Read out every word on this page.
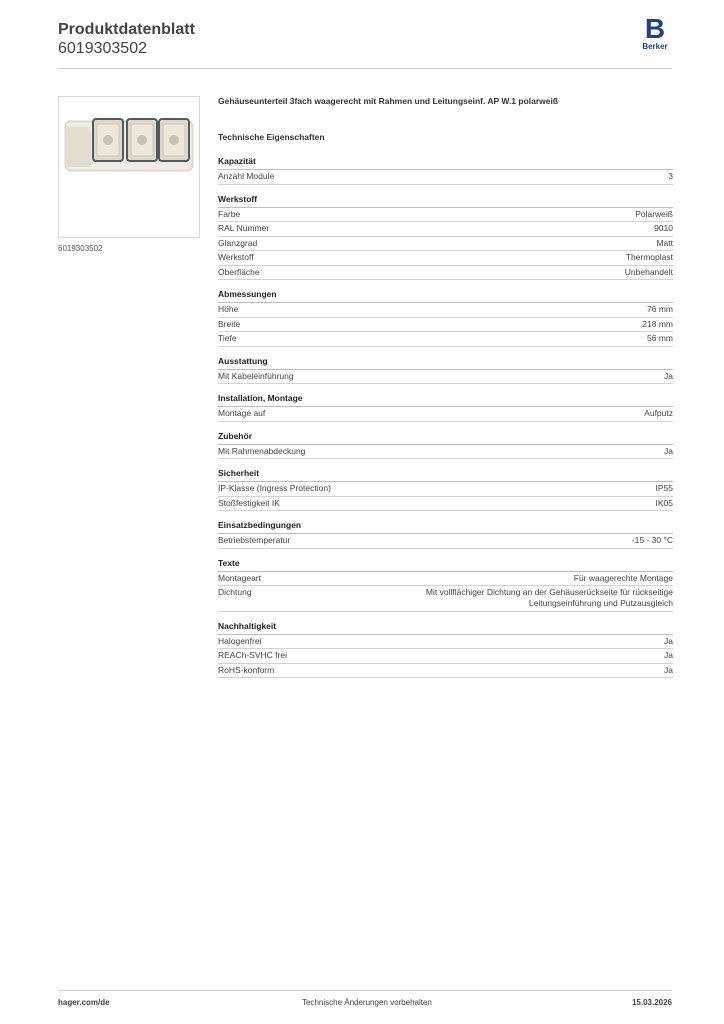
Produktdatenblatt
6019303502
B
Berker
6019303502
Gehäuseunterteil 3fach waagerecht mit Rahmen und Leitungseinf. AP W.1 polarweiß
Technische Eigenschaften
Kapazität
Anzahl Module	3
Werkstoff
Farbe	Polarweiß
RAL Nummer	9010
Glanzgrad	Matt
Werkstoff	Thermoplast
Oberfläche	Unbehandelt
Abmessungen
Höhe	76 mm
Breite	218 mm
Tiefe	56 mm
Ausstattung
Mit Kabeleinführung	Ja
Installation, Montage
Montage auf	Aufputz
Zubehör
Mit Rahmenabdeckung	Ja
Sicherheit
IP-Klasse (Ingress Protection)	IP55
Stoßfestigkeit IK	IK05
Einsatzbedingungen
Betriebstemperatur	-15 - 30 °C
Texte
Montageart	Für waagerechte Montage
Dichtung	Mit vollflächiger Dichtung an der Gehäuserückseite für rückseitige Leitungseinführung und Putzausgleich
Nachhaltigkeit
Halogenfrei	Ja
REACh-SVHC frei	Ja
RoHS-konform	Ja
hager.com/de	Technische Änderungen vorbehalten	15.03.2026
